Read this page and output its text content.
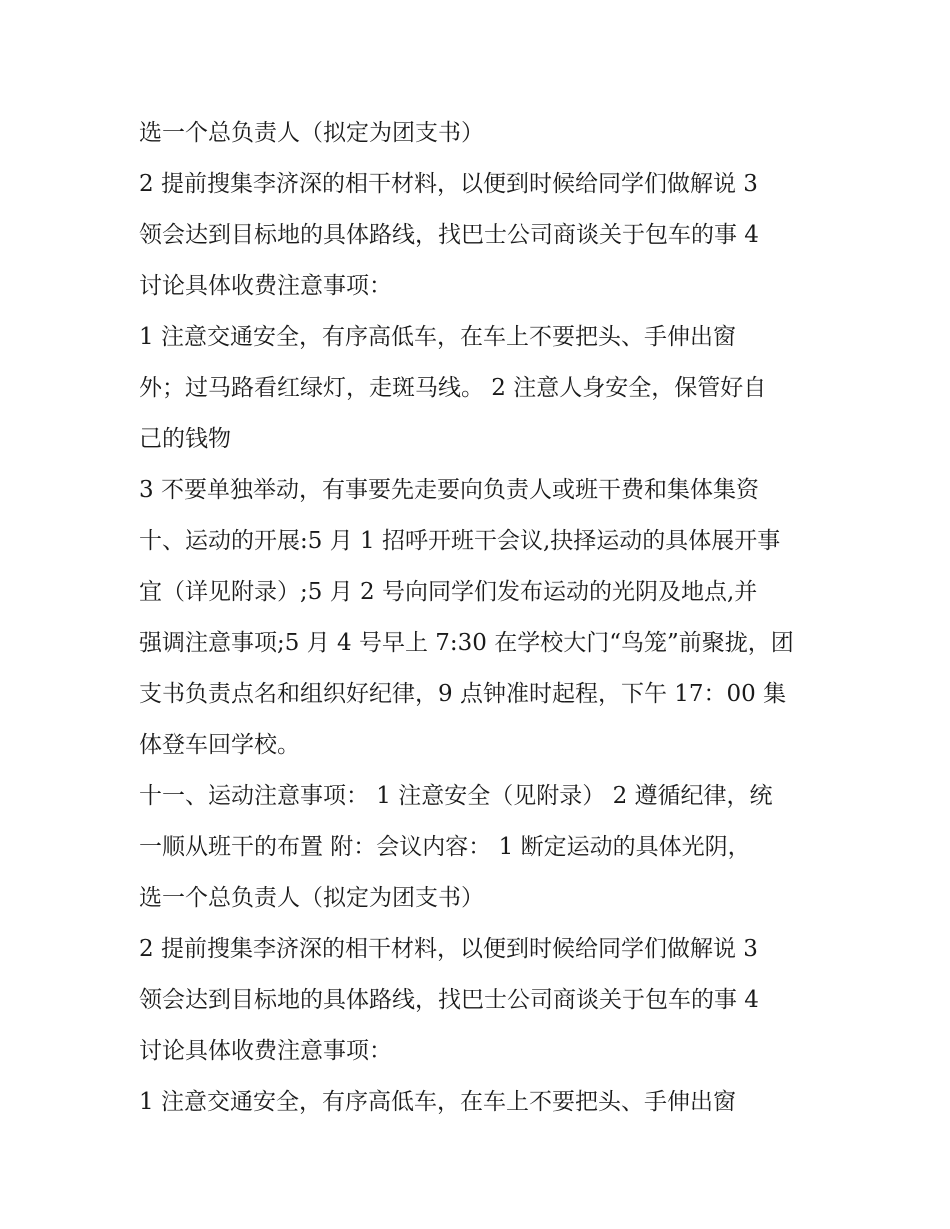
选一个总负责人（拟定为团支书）
2 提前搜集李济深的相干材料，以便到时候给同学们做解说 3
领会达到目标地的具体路线，找巴士公司商谈关于包车的事 4
讨论具体收费注意事项：
1 注意交通安全，有序高低车，在车上不要把头、手伸出窗
外；过马路看红绿灯，走斑马线。 2 注意人身安全，保管好自
己的钱物
3 不要单独举动，有事要先走要向负责人或班干费和集体集资
十、运动的开展:5 月 1 招呼开班干会议,抉择运动的具体展开事
宜（详见附录）;5 月 2 号向同学们发布运动的光阴及地点,并
强调注意事项;5 月 4 号早上 7:30 在学校大门“鸟笼”前聚拢，团
支书负责点名和组织好纪律，9 点钟准时起程，下午 17：00 集
体登车回学校。
十一、运动注意事项： 1 注意安全（见附录） 2 遵循纪律，统
一顺从班干的布置 附：会议内容： 1 断定运动的具体光阴，
选一个总负责人（拟定为团支书）
2 提前搜集李济深的相干材料，以便到时候给同学们做解说 3
领会达到目标地的具体路线，找巴士公司商谈关于包车的事 4
讨论具体收费注意事项：
1 注意交通安全，有序高低车，在车上不要把头、手伸出窗
